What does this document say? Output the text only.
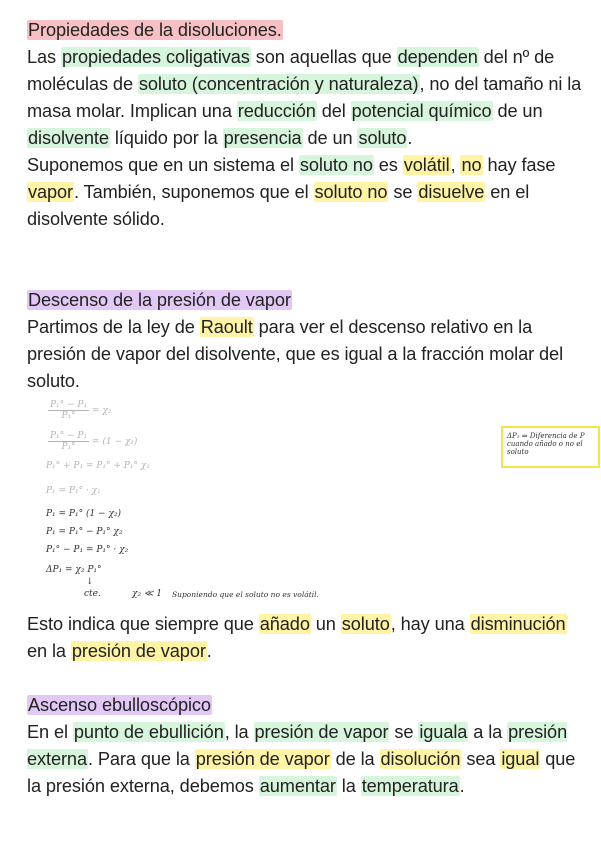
Propiedades de la disoluciones.
Las propiedades coligativas son aquellas que dependen del nº de moléculas de soluto (concentración y naturaleza), no del tamaño ni la masa molar. Implican una reducción del potencial químico de un disolvente líquido por la presencia de un soluto.
Suponemos que en un sistema el soluto no es volátil, no hay fase vapor. También, suponemos que el soluto no se disuelve en el disolvente sólido.
Descenso de la presión de vapor
Partimos de la ley de Raoult para ver el descenso relativo en la presión de vapor del disolvente, que es igual a la fracción molar del soluto.
$\frac{\text{P₁° − P₁}}{\text{P₁°}} = \chi_2$
$\frac{\text{P₁° − P₁}}{\text{P₁°}} = (1 - \chi_1)$
P₁° + P₁ = P₁° + P₁° χ₁
P₁ = P₁° · χ₁
P₁ = P₁° (1 − χ₂)
P₁ = P₁° − P₁° χ₂
P₁° − P₁ = P₁° · χ₂
ΔP₁ = χ₂ P₁°
↓
cte.	χ₂ ≪ 1 Suponiendo que el soluto no es volátil.
ΔP₁ ⇒ Diferencia de P cuando añado o no el soluto
Esto indica que siempre que añado un soluto, hay una disminución en la presión de vapor.
Ascenso ebulloscópico
En el punto de ebullición, la presión de vapor se iguala a la presión externa. Para que la presión de vapor de la disolución sea igual que la presión externa, debemos aumentar la temperatura.
